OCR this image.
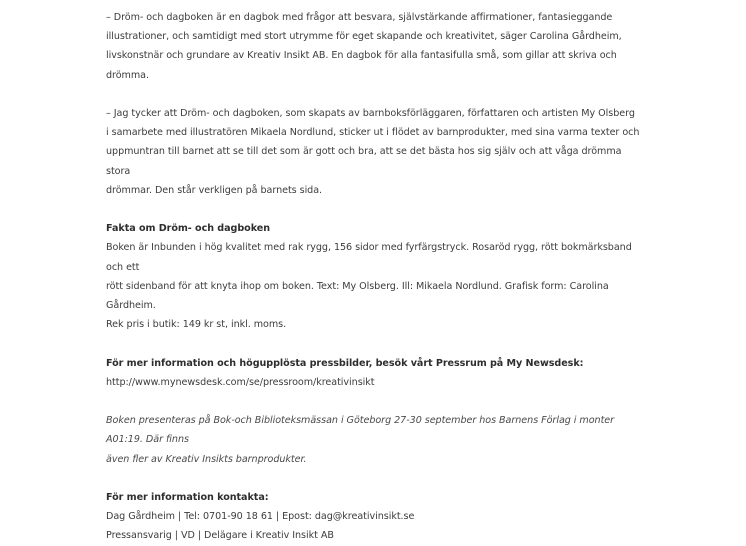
– Dröm- och dagboken är en dagbok med frågor att besvara, självstärkande affirmationer, fantasieggande

illustrationer, och samtidigt med stort utrymme för eget skapande och kreativitet, säger Carolina Gårdheim,

livskonstnär och grundare av Kreativ Insikt AB. En dagbok för alla fantasifulla små, som gillar att skriva och drömma.

– Jag tycker att Dröm- och dagboken, som skapats av barnboksförläggaren, författaren och artisten My Olsberg

i samarbete med illustratören Mikaela Nordlund, sticker ut i flödet av barnprodukter, med sina varma texter och

uppmuntran till barnet att se till det som är gott och bra, att se det bästa hos sig själv och att våga drömma stora

drömmar. Den står verkligen på barnets sida.

Fakta om Dröm- och dagboken

Boken är Inbunden i hög kvalitet med rak rygg, 156 sidor med fyrfärgstryck. Rosaröd rygg, rött bokmärksband och ett

rött sidenband för att knyta ihop om boken. Text: My Olsberg. Ill: Mikaela Nordlund. Grafisk form: Carolina Gårdheim.

Rek pris i butik: 149 kr st, inkl. moms.

För mer information och högupplösta pressbilder, besök vårt Pressrum på My Newsdesk:

http://www.mynewsdesk.com/se/pressroom/kreativinsikt

Boken presenteras på Bok-och Biblioteksmässan i Göteborg 27-30 september hos Barnens Förlag i monter A01:19. Där finns

även fler av Kreativ Insikts barnprodukter.

För mer information kontakta:

Dag Gårdheim | Tel: 0701-90 18 61 | Epost: dag@kreativinsikt.se

Pressansvarig | VD | Delägare i Kreativ Insikt AB
